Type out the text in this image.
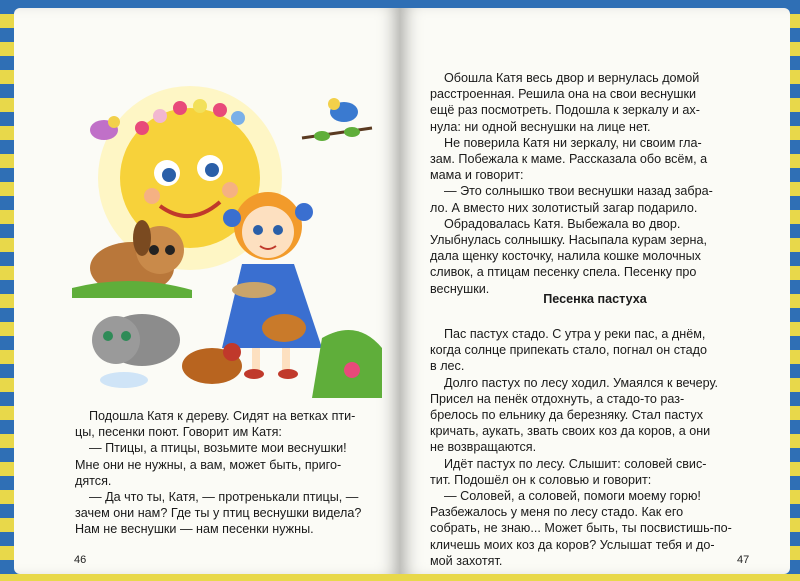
Подошла Катя к дереву. Сидят на ветках пти-
цы, песенки поют. Говорит им Катя:

— Птицы, а птицы, возьмите мои веснушки!
Мне они не нужны, а вам, может быть, приго-
дятся.

— Да что ты, Катя, — протренькали птицы, —
зачем они нам? Где ты у птиц веснушки видела?
Нам не веснушки — нам песенки нужны.

46

Обошла Катя весь двор и вернулась домой
расстроенная. Решила она на свои веснушки
ещё раз посмотреть. Подошла к зеркалу и ах-
нула: ни одной веснушки на лице нет.

Не поверила Катя ни зеркалу, ни своим гла-
зам. Побежала к маме. Рассказала обо всём, а
мама и говорит:

— Это солнышко твои веснушки назад забра-
ло. А вместо них золотистый загар подарило.

Обрадовалась Катя. Выбежала во двор.
Улыбнулась солнышку. Насыпала курам зерна,
дала щенку косточку, налила кошке молочных
сливок, а птицам песенку спела. Песенку про
веснушки.

Песенка пастуха

Пас пастух стадо. С утра у реки пас, а днём,
когда солнце припекать стало, погнал он стадо
в лес.

Долго пастух по лесу ходил. Умаялся к вечеру.
Присел на пенёк отдохнуть, а стадо-то раз-
брелось по ельнику да березняку. Стал пастух
кричать, аукать, звать своих коз да коров, а они
не возвращаются.

Идёт пастух по лесу. Слышит: соловей свис-
тит. Подошёл он к соловью и говорит:

— Соловей, а соловей, помоги моему горю!
Разбежалось у меня по лесу стадо. Как его
собрать, не знаю... Может быть, ты посвистишь-по-
кличешь моих коз да коров? Услышат тебя и до-
мой захотят.	47
